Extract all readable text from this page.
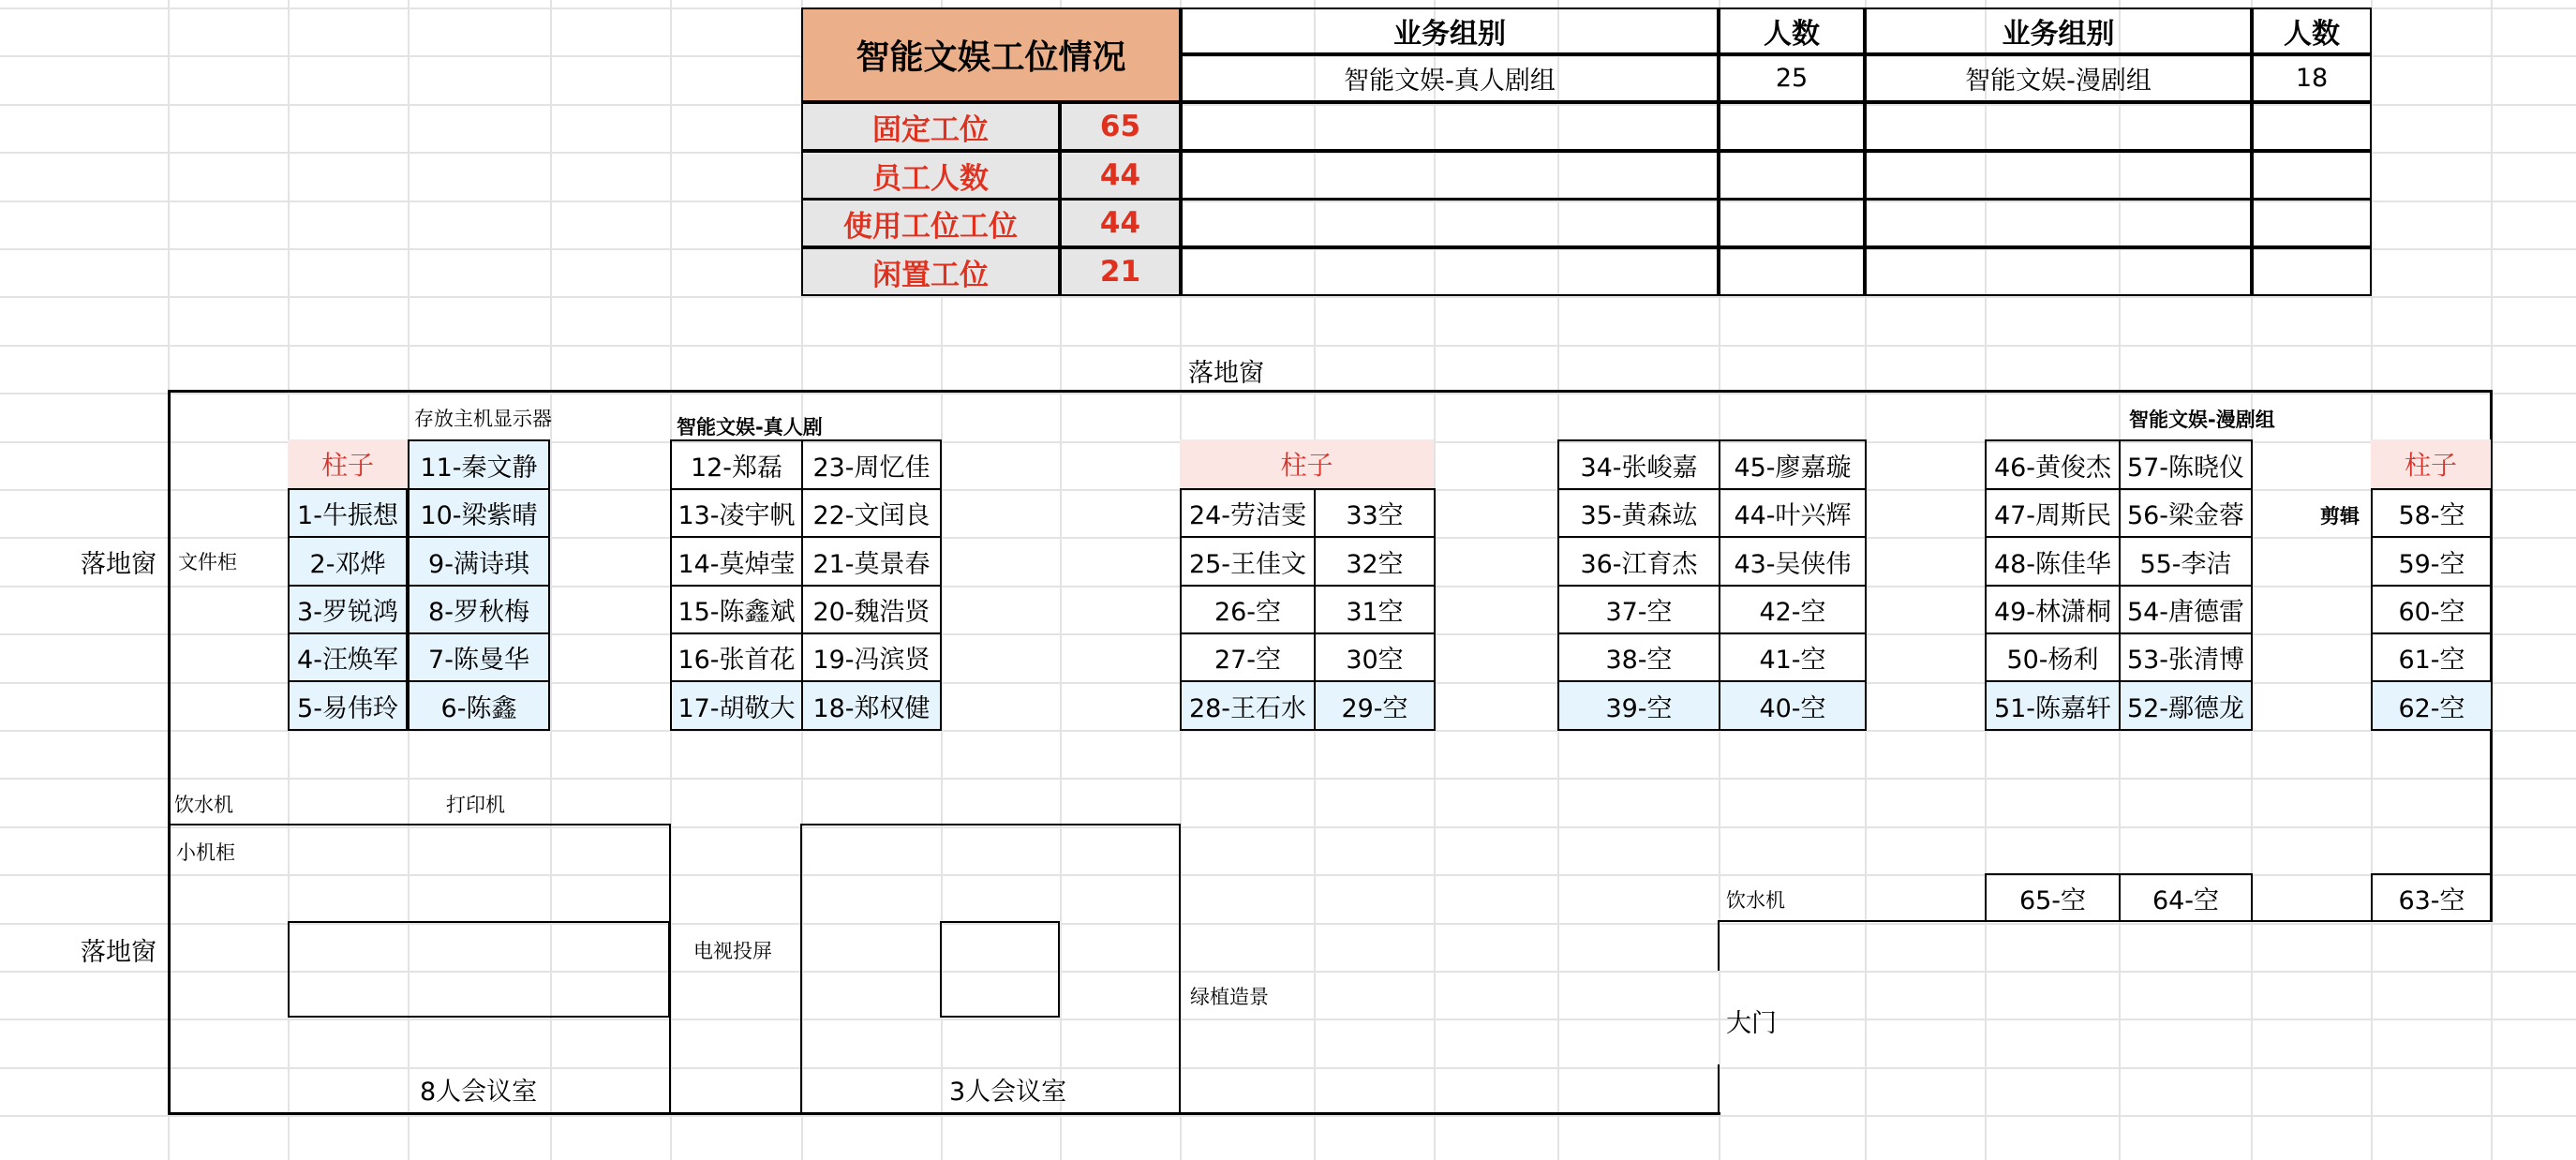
智能文娱工位情况
固定工位	65
员工人数	44
使用工位工位	44
闲置工位	21
业务组别	人数	业务组别	人数
智能文娱-真人剧组	25	智能文娱-漫剧组	18
落地窗
落地窗
落地窗
文件柜
存放主机显示器	智能文娱-真人剧	智能文娱-漫剧组
剪辑
饮水机	打印机
小机柜
电视投屏
8人会议室	3人会议室
绿植造景
大门
饮水机
柱子	11-秦文静
1-牛振想 10-梁紫晴
2-邓烨	9-满诗琪
3-罗锐鸿	8-罗秋梅
4-汪焕军	7-陈曼华
5-易伟玲	6-陈鑫
12-郑磊	23-周忆佳
13-凌宇帆 22-文闰良
14-莫焯莹 21-莫景春
15-陈鑫斌 20-魏浩贤
16-张首花 19-冯滨贤
17-胡敬大 18-郑权健
柱子
24-劳洁雯	33空
25-王佳文	32空
26-空	31空
27-空	30空
28-王石水	29-空
34-张峻嘉	45-廖嘉璇
35-黄森竑	44-叶兴辉
36-江育杰	43-吴侠伟
37-空	42-空
38-空	41-空
39-空	40-空
46-黄俊杰 57-陈晓仪
47-周斯民 56-梁金蓉
48-陈佳华	55-李洁
49-林潇桐 54-唐德雷
50-杨利	53-张清博
51-陈嘉轩 52-鄢德龙
柱子
58-空
59-空
60-空
61-空
62-空
65-空	64-空	63-空
